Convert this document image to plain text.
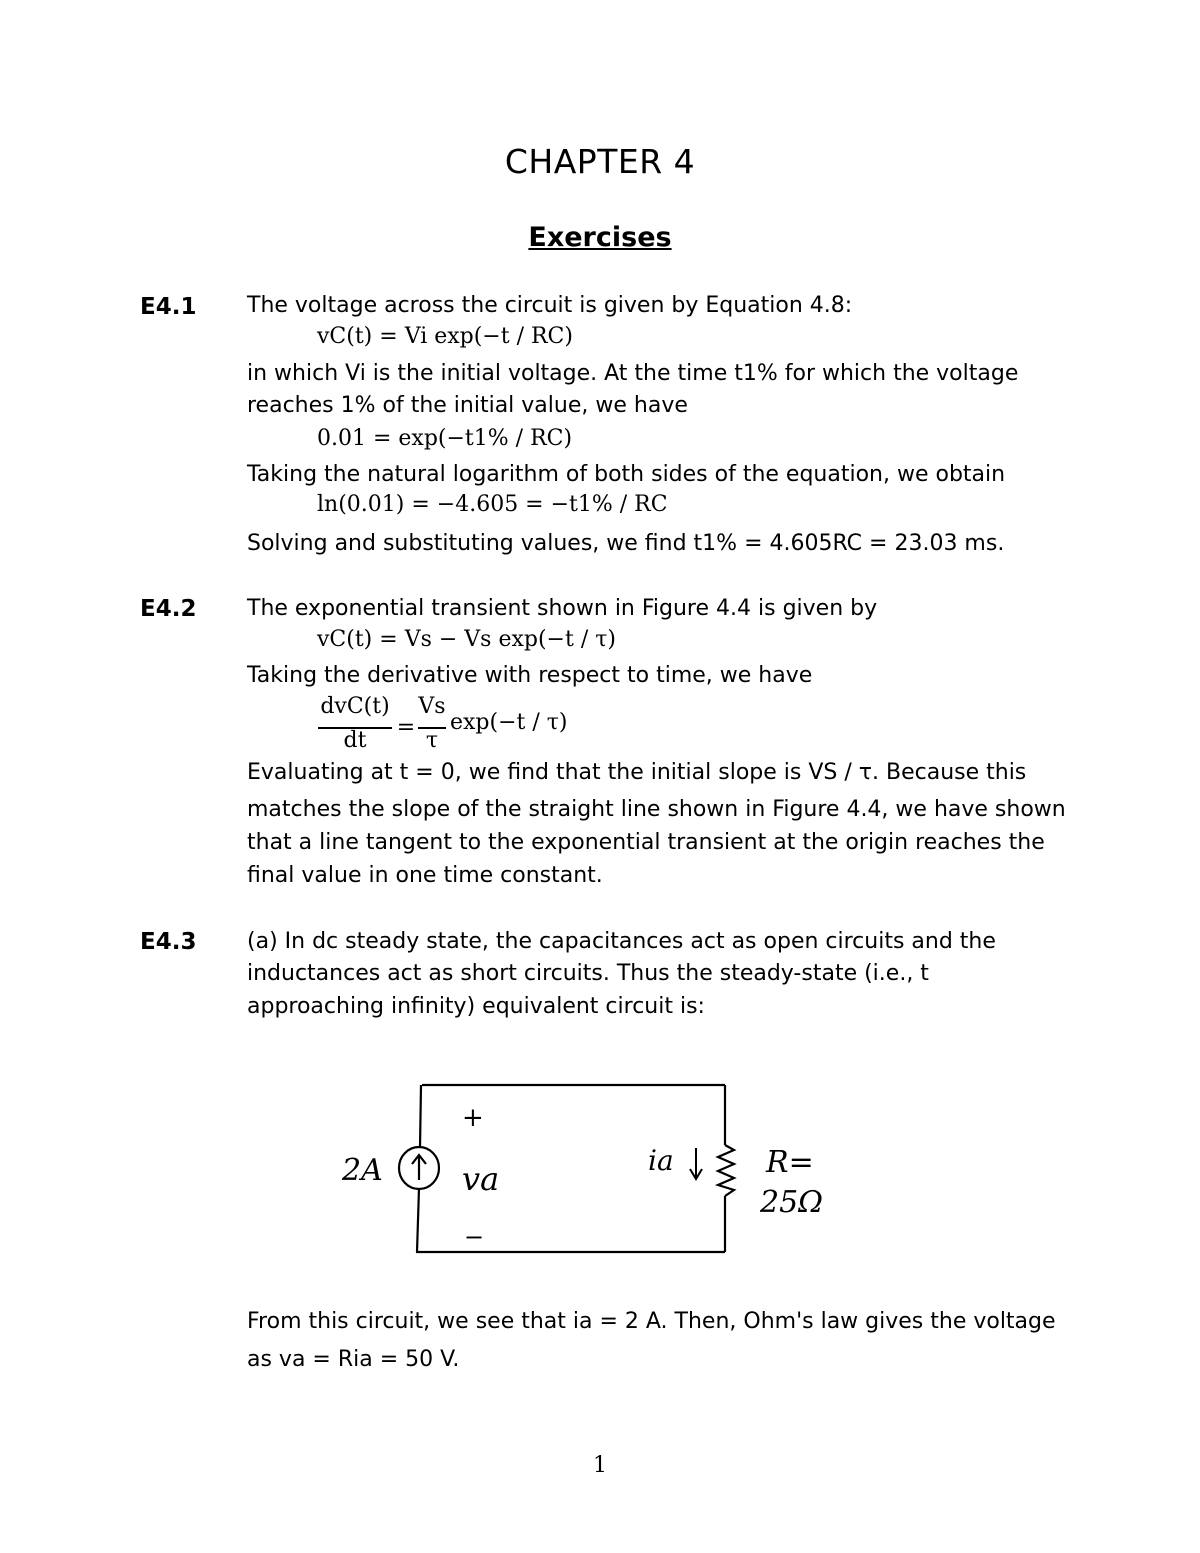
CHAPTER 4
Exercises
E4.1 The voltage across the circuit is given by Equation 4.8:
vC(t) = Vi exp(−t / RC)
in which Vi is the initial voltage. At the time t1% for which the voltage
reaches 1% of the initial value, we have
0.01 = exp(−t1% / RC)
Taking the natural logarithm of both sides of the equation, we obtain
ln(0.01) = −4.605 = −t1% / RC
Solving and substituting values, we find t1% = 4.605RC = 23.03 ms.
E4.2 The exponential transient shown in Figure 4.4 is given by
vC(t) = Vs − Vs exp(−t / τ)
Taking the derivative with respect to time, we have
dvC(t)
dt
=
Vs
τ
exp(−t / τ)
Evaluating at t = 0, we find that the initial slope is VS / τ. Because this
matches the slope of the straight line shown in Figure 4.4, we have shown
that a line tangent to the exponential transient at the origin reaches the
final value in one time constant.
E4.3 (a) In dc steady state, the capacitances act as open circuits and the
inductances act as short circuits. Thus the steady-state (i.e., t
approaching infinity) equivalent circuit is:
2A
+
va
−
ia	R=
25Ω
From this circuit, we see that ia = 2 A. Then, Ohm's law gives the voltage
as va = Ria = 50 V.
1
